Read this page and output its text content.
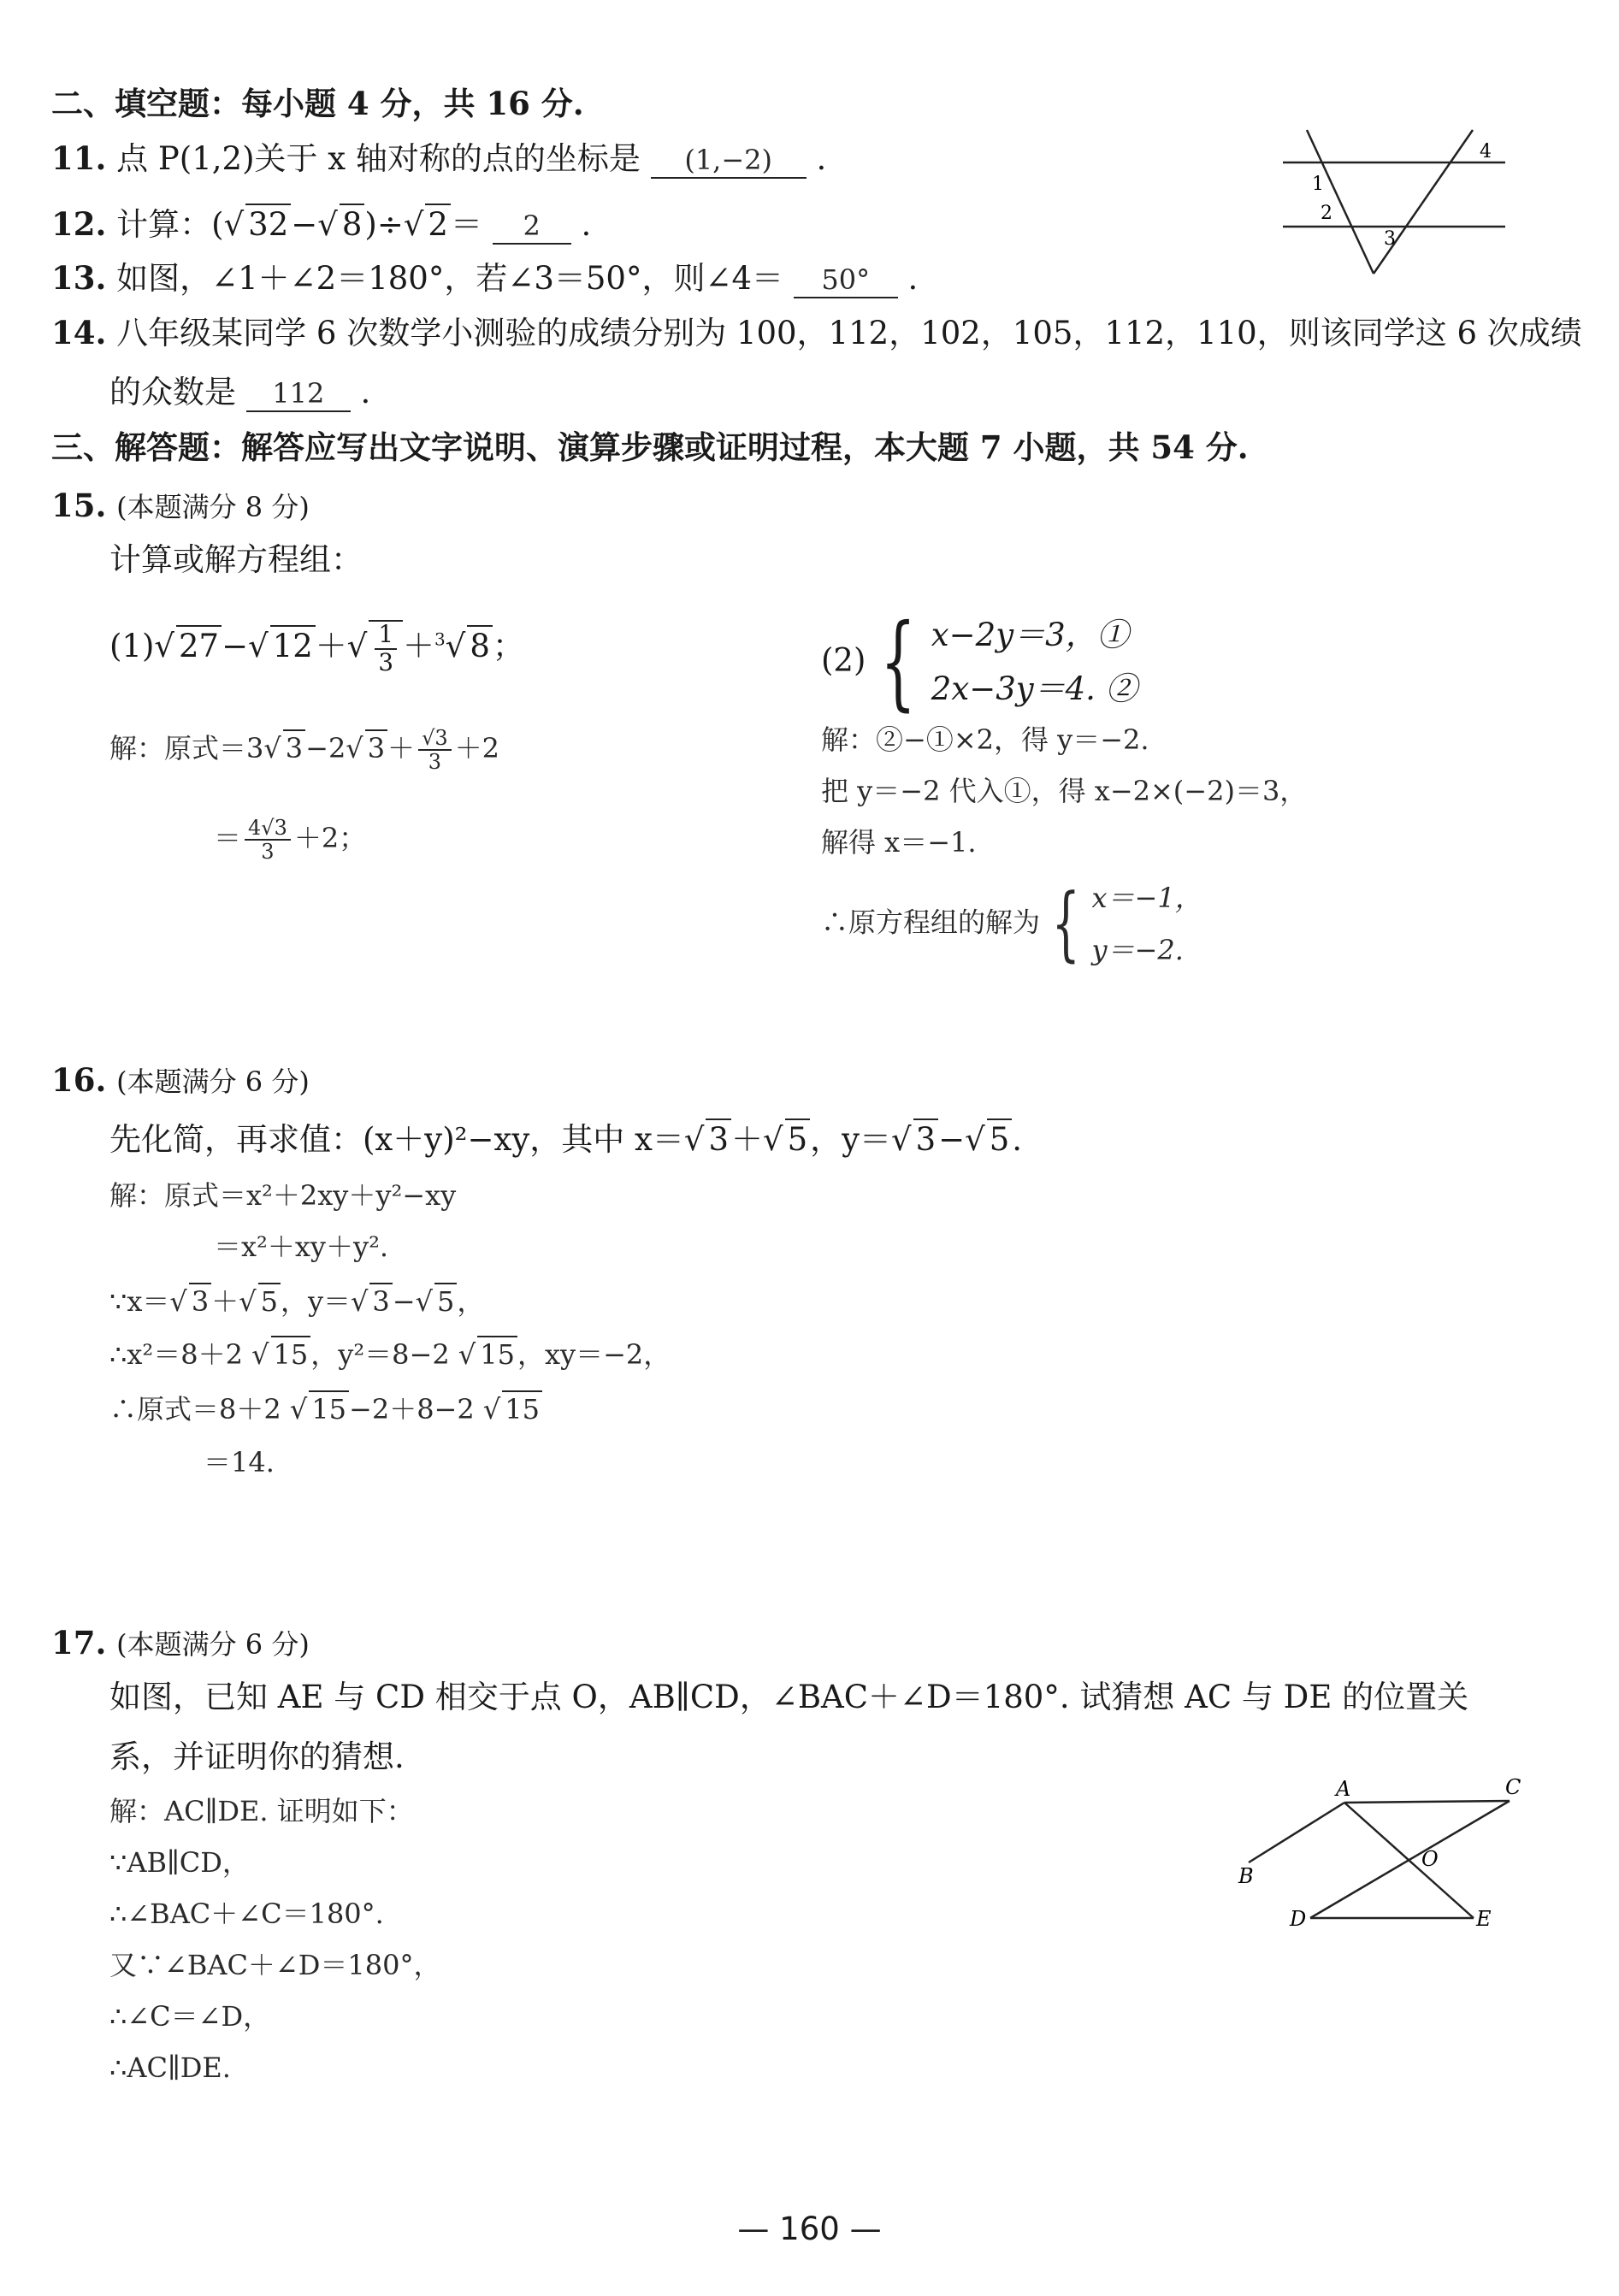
二、填空题：每小题 4 分，共 16 分.
11. 点 P(1,2)关于 x 轴对称的点的坐标是 (1,−2) .
12. 计算：(√ 32−√ 8)÷√ 2＝ 2 .
13. 如图，∠1＋∠2＝180°，若∠3＝50°，则∠4＝ 50° .
1
2
3
4
14. 八年级某同学 6 次数学小测验的成绩分别为 100，112，102，105，112，110，则该同学这 6 次成绩
的众数是 112 .
三、解答题：解答应写出文字说明、演算步骤或证明过程，本大题 7 小题，共 54 分.
15. (本题满分 8 分)
计算或解方程组：
(1)√ 27−√ $12+√ \frac{1}{3} +^3√$ 8；
解：原式＝3√ 3−2√ $3+ \frac{√3}{3} +2$
＝ $\frac{4√3}{3} +2$；
(2) { x−2y＝3，①
2x−3y＝4. ②
解：②−①×2，得 y＝−2.
把 y＝−2 代入①，得 x−2×(−2)＝3，
解得 x＝−1.
∴原方程组的解为 { x＝−1，
y＝−2.
16. (本题满分 6 分)
先化简，再求值：(x＋y)²−xy，其中 x＝√ 3＋√ 5，y＝√ 3−√ 5.
解：原式＝x²＋2xy＋y²−xy
＝x²＋xy＋y².
∵x＝√ 3＋√ 5，y＝√ 3−√ 5，
∴x²＝8＋2 √ 15，y²＝8−2 √ 15，xy＝−2，
∴原式＝8＋2 √ 15−2＋8−2 √ 15
＝14.
17. (本题满分 6 分)
如图，已知 AE 与 CD 相交于点 O，AB∥CD，∠BAC＋∠D＝180°. 试猜想 AC 与 DE 的位置关
系，并证明你的猜想.
解：AC∥DE. 证明如下：
∵AB∥CD，
∴∠BAC＋∠C＝180°.
又∵∠BAC＋∠D＝180°，
∴∠C＝∠D，
∴AC∥DE.
A	C
B
O
D	E
— 160 —
